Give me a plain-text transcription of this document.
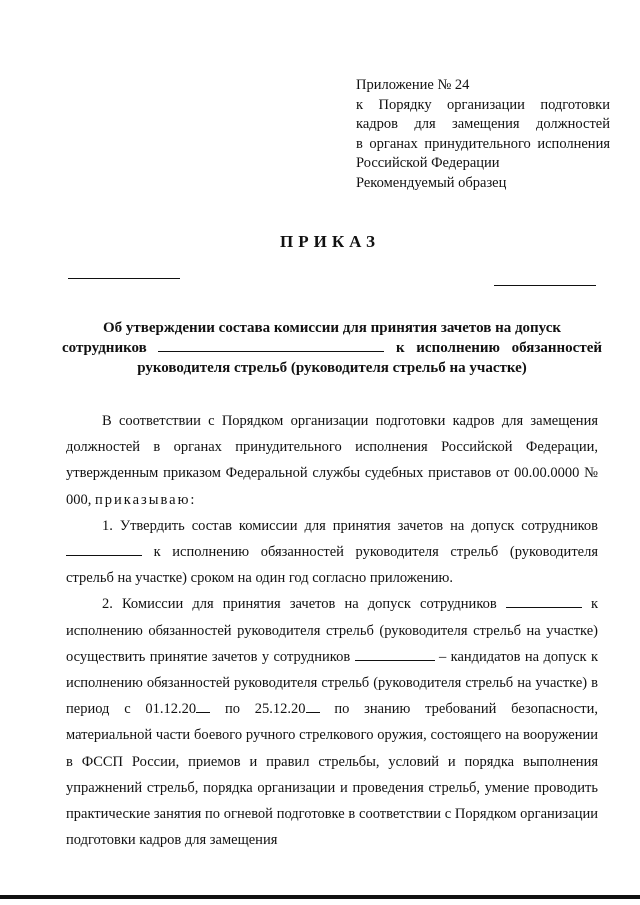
Приложение № 24
к Порядку организации подготовки
кадров для замещения должностей
в органах принудительного исполнения
Российской Федерации
Рекомендуемый образец
ПРИКАЗ
Об утверждении состава комиссии для принятия зачетов на допуск
сотрудников	к исполнению обязанностей
руководителя стрельб (руководителя стрельб на участке)

В соответствии с Порядком организации подготовки кадров для замещения должностей в органах принудительного исполнения Российской Федерации, утвержденным приказом Федеральной службы судебных приставов от 00.00.0000 № 000, приказываю:

1. Утвердить состав комиссии для принятия зачетов на допуск сотрудников  к исполнению обязанностей руководителя стрельб (руководителя стрельб на участке) сроком на один год согласно приложению.

2. Комиссии для принятия зачетов на допуск сотрудников	к исполнению обязанностей руководителя стрельб (руководителя стрельб на участке) осуществить принятие зачетов у сотрудников	– кандидатов на допуск к исполнению обязанностей руководителя стрельб (руководителя стрельб на участке) в период с 01.12.20 по 25.12.20 по знанию требований безопасности, материальной части боевого ручного стрелкового оружия, состоящего на вооружении в ФССП России, приемов и правил стрельбы, условий и порядка выполнения упражнений стрельб, порядка организации и проведения стрельб, умение проводить практические занятия по огневой подготовке в соответствии с Порядком организации подготовки кадров для замещения
